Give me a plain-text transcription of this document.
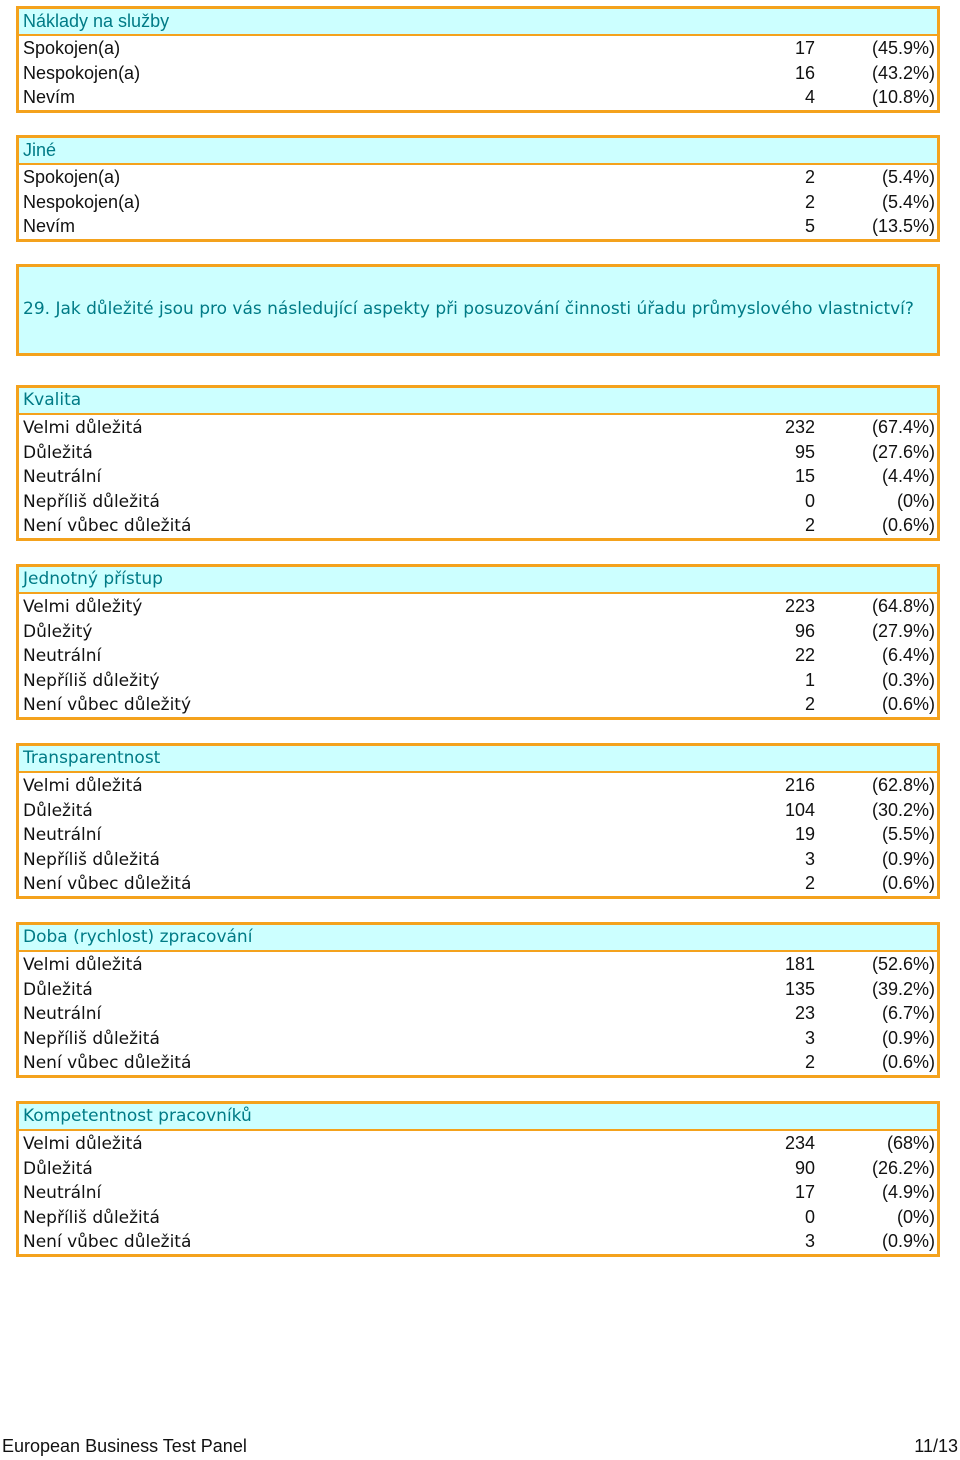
Náklady na služby
Spokojen(a)	17	(45.9%)
Nespokojen(a)	16	(43.2%)
Nevím	4	(10.8%)
Jiné
Spokojen(a)	2	(5.4%)
Nespokojen(a)	2	(5.4%)
Nevím	5	(13.5%)
29. Jak důležité jsou pro vás následující aspekty při posuzování činnosti úřadu průmyslového vlastnictví?
Kvalita
Velmi důležitá	232	(67.4%)
Důležitá	95	(27.6%)
Neutrální	15	(4.4%)
Nepříliš důležitá	0	(0%)
Není vůbec důležitá	2	(0.6%)
Jednotný přístup
Velmi důležitý	223	(64.8%)
Důležitý	96	(27.9%)
Neutrální	22	(6.4%)
Nepříliš důležitý	1	(0.3%)
Není vůbec důležitý	2	(0.6%)
Transparentnost
Velmi důležitá	216	(62.8%)
Důležitá	104	(30.2%)
Neutrální	19	(5.5%)
Nepříliš důležitá	3	(0.9%)
Není vůbec důležitá	2	(0.6%)
Doba (rychlost) zpracování
Velmi důležitá	181	(52.6%)
Důležitá	135	(39.2%)
Neutrální	23	(6.7%)
Nepříliš důležitá	3	(0.9%)
Není vůbec důležitá	2	(0.6%)
Kompetentnost pracovníků
Velmi důležitá	234	(68%)
Důležitá	90	(26.2%)
Neutrální	17	(4.9%)
Nepříliš důležitá	0	(0%)
Není vůbec důležitá	3	(0.9%)
European Business Test Panel	11/13
